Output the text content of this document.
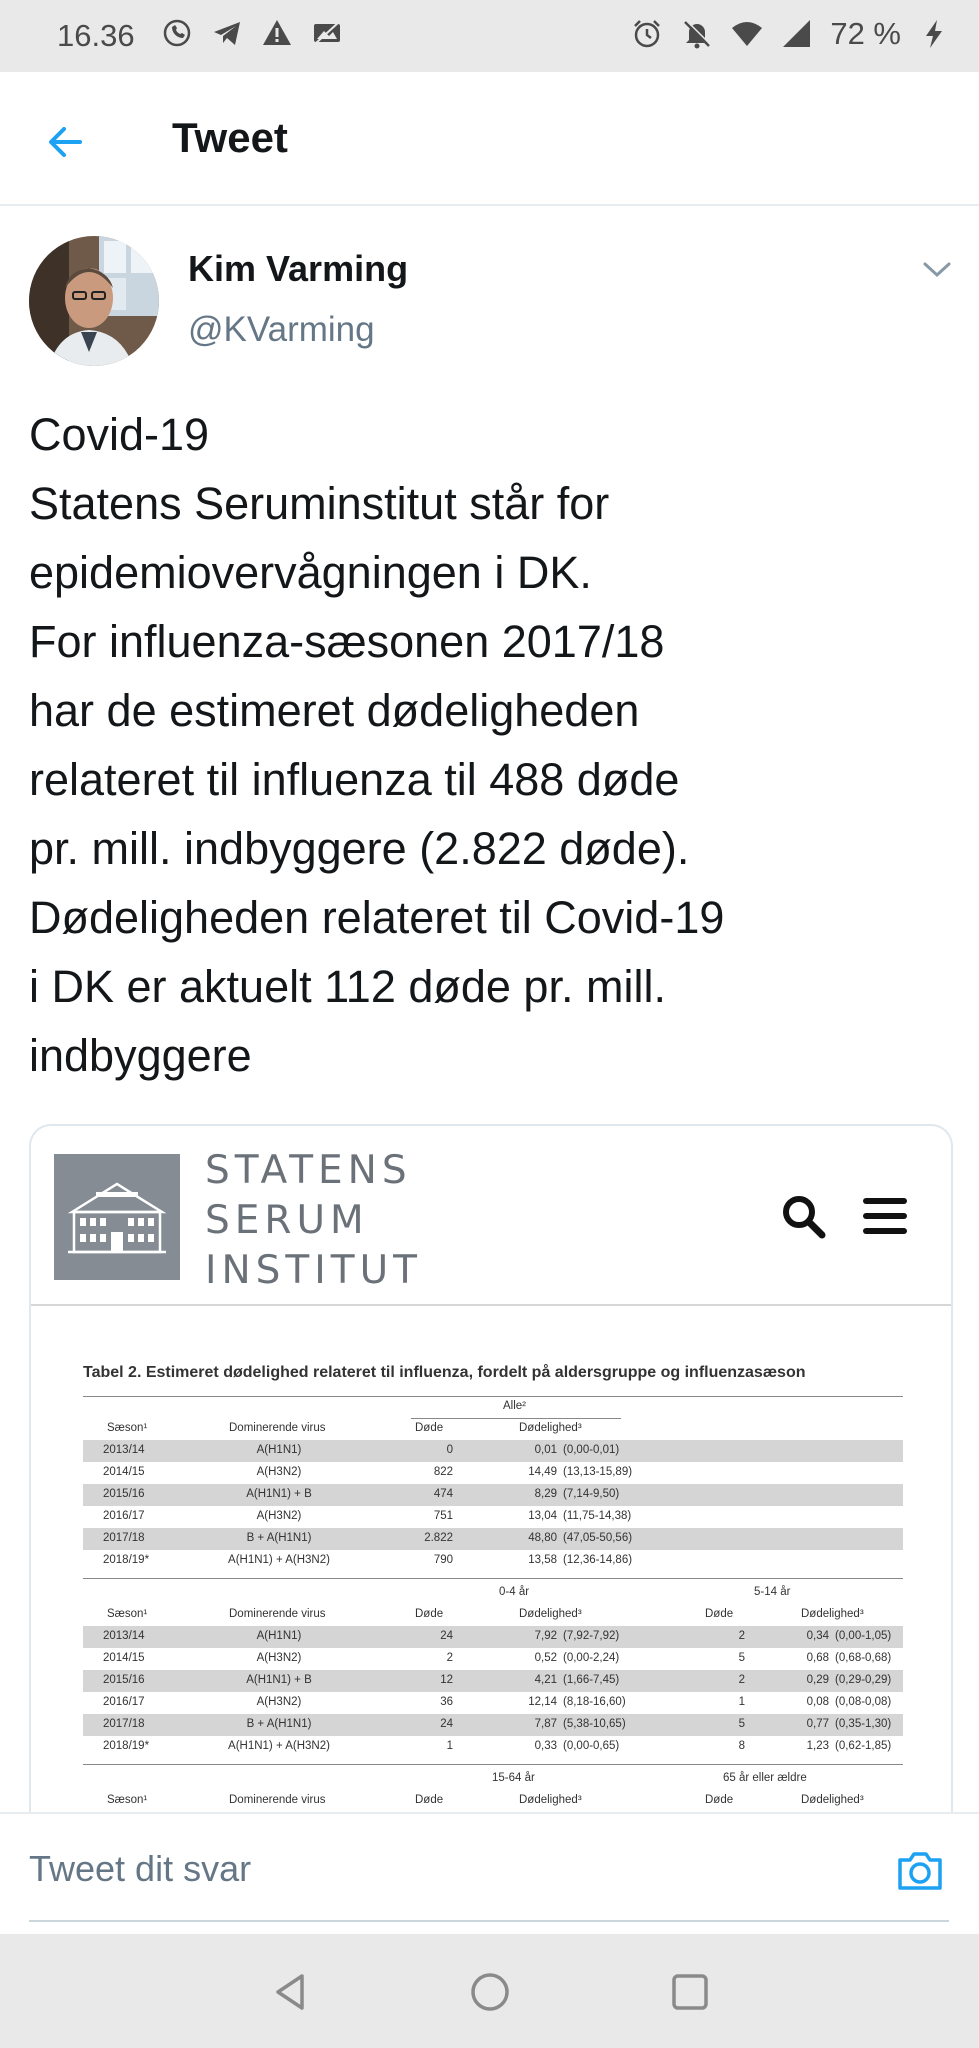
16.36	72 %
Tweet
Kim Varming
@KVarming
Covid-19
Statens Seruminstitut står for
epidemiovervågningen i DK.
For influenza-sæsonen 2017/18
har de estimeret dødeligheden
relateret til influenza til 488 døde
pr. mill. indbyggere (2.822 døde).
Dødeligheden relateret til Covid-19
i DK er aktuelt 112 døde pr. mill.
indbyggere
STATENS
SERUM
INSTITUT
Tabel 2. Estimeret dødelighed relateret til influenza, fordelt på aldersgruppe og influenzasæson
Alle²
Sæson¹	Dominerende virus	Døde	Dødelighed³
2013/14	A(H1N1)	0	0,01 (0,00-0,01)
2014/15	A(H3N2)	822	14,49 (13,13-15,89)
2015/16	A(H1N1) + B	474	8,29 (7,14-9,50)
2016/17	A(H3N2)	751	13,04 (11,75-14,38)
2017/18	B + A(H1N1)	2.822	48,80 (47,05-50,56)
2018/19*	A(H1N1) + A(H3N2)	790	13,58 (12,36-14,86)
0-4 år	5-14 år
Sæson¹	Dominerende virus	Døde	Dødelighed³	Døde	Dødelighed³
2013/14	A(H1N1)	24	7,92 (7,92-7,92)	2	0,34 (0,00-1,05)
2014/15	A(H3N2)	2	0,52 (0,00-2,24)	5	0,68 (0,68-0,68)
2015/16	A(H1N1) + B	12	4,21 (1,66-7,45)	2	0,29 (0,29-0,29)
2016/17	A(H3N2)	36	12,14 (8,18-16,60)	1	0,08 (0,08-0,08)
2017/18	B + A(H1N1)	24	7,87 (5,38-10,65)	5	0,77 (0,35-1,30)
2018/19*	A(H1N1) + A(H3N2)	1	0,33 (0,00-0,65)	8	1,23 (0,62-1,85)
15-64 år	65 år eller ældre
Sæson¹	Dominerende virus	Døde	Dødelighed³	Døde	Dødelighed³
Tweet dit svar
